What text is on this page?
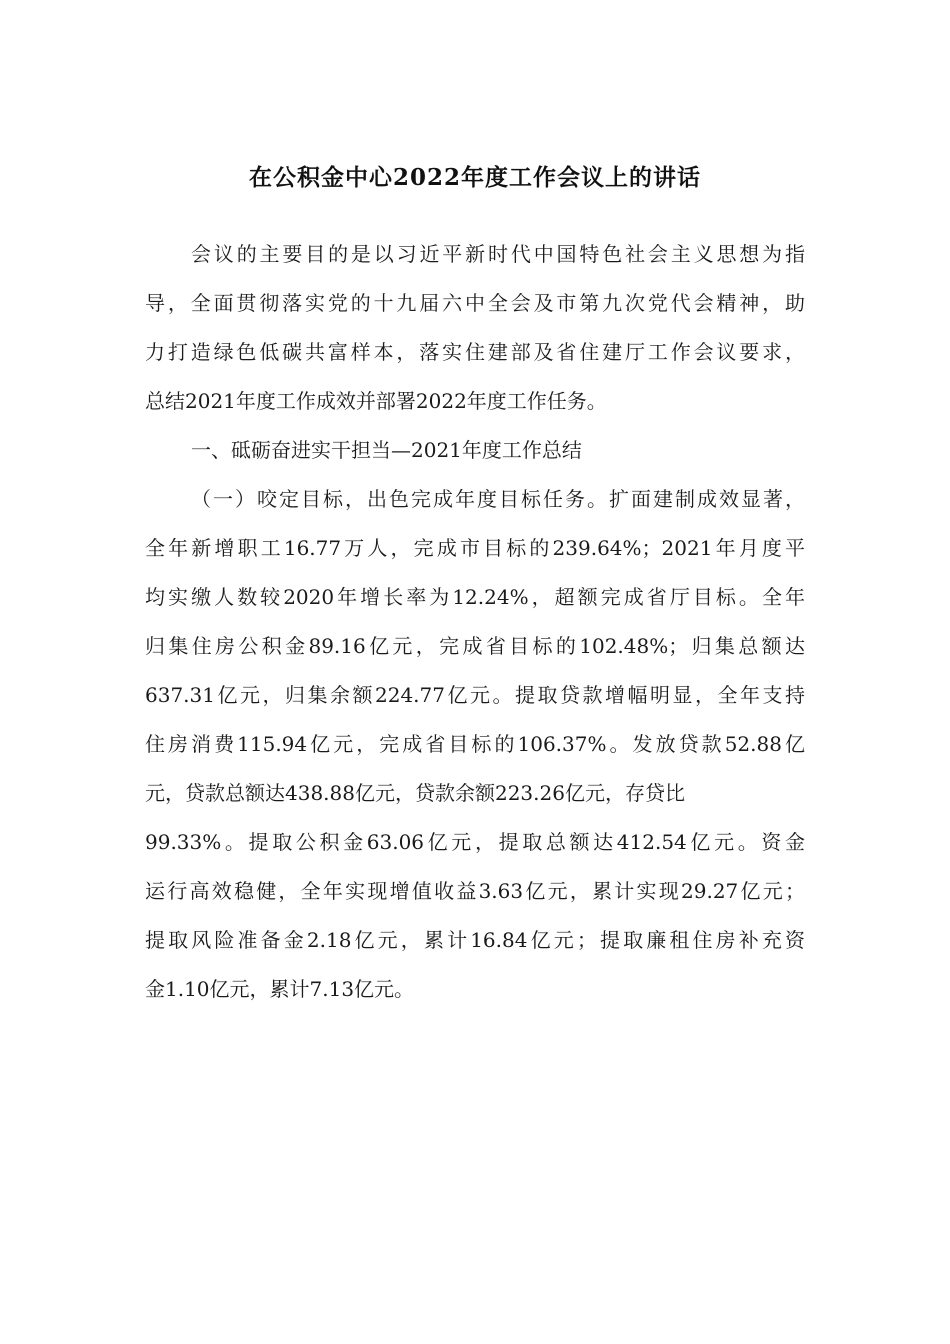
在公积金中心2022年度工作会议上的讲话
会议的主要目的是以习近平新时代中国特色社会主义思想为指
导，全面贯彻落实党的十九届六中全会及市第九次党代会精神，助
力打造绿色低碳共富样本，落实住建部及省住建厅工作会议要求，
总结2021年度工作成效并部署2022年度工作任务。
一、砥砺奋进实干担当—2021年度工作总结
（一）咬定目标，出色完成年度目标任务。扩面建制成效显著，
全年新增职工16.77万人，完成市目标的239.64%；2021年月度平
均实缴人数较2020年增长率为12.24%，超额完成省厅目标。全年
归集住房公积金89.16亿元，完成省目标的102.48%；归集总额达
637.31亿元，归集余额224.77亿元。提取贷款增幅明显，全年支持
住房消费115.94亿元，完成省目标的106.37%。发放贷款52.88亿
元，贷款总额达438.88亿元，贷款余额223.26亿元，存贷比
99.33%。提取公积金63.06亿元，提取总额达412.54亿元。资金
运行高效稳健，全年实现增值收益3.63亿元，累计实现29.27亿元；
提取风险准备金2.18亿元，累计16.84亿元；提取廉租住房补充资
金1.10亿元，累计7.13亿元。
